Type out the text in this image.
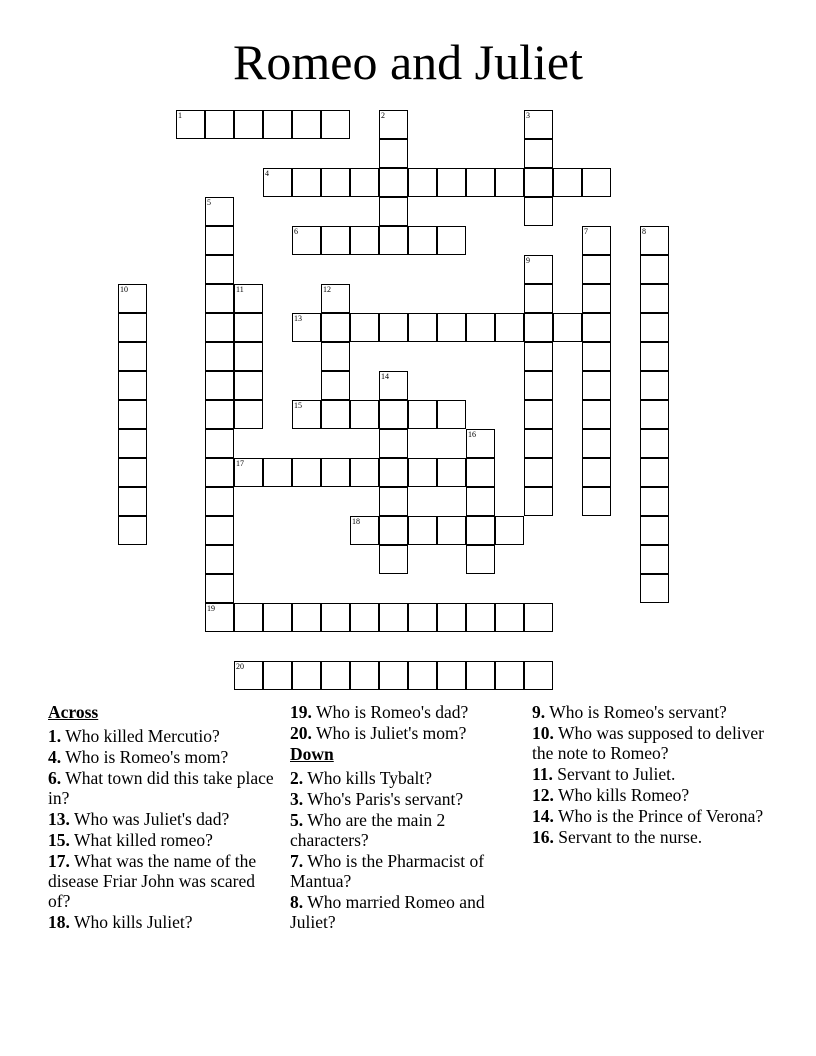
Romeo and Juliet
1	2	3
4
5
6	7	8
9
10	11	12
13
14
15
16
17
18
19
20
Across
1. Who killed Mercutio?
4. Who is Romeo's mom?
6. What town did this take place in?
13. Who was Juliet's dad?
15. What killed romeo?
17. What was the name of the disease Friar John was scared of?
18. Who kills Juliet?
19. Who is Romeo's dad?
20. Who is Juliet's mom?
Down
2. Who kills Tybalt?
3. Who's Paris's servant?
5. Who are the main 2 characters?
7. Who is the Pharmacist of Mantua?
8. Who married Romeo and Juliet?
9. Who is Romeo's servant?
10. Who was supposed to deliver the note to Romeo?
11. Servant to Juliet.
12. Who kills Romeo?
14. Who is the Prince of Verona?
16. Servant to the nurse.
